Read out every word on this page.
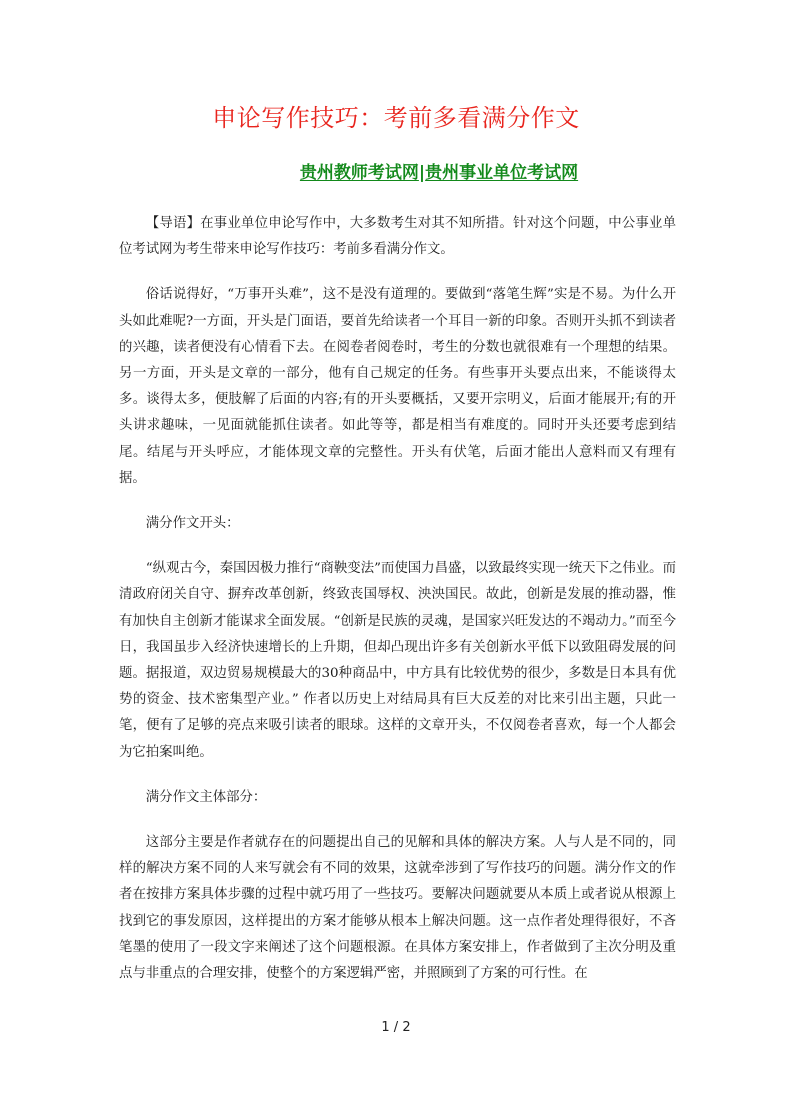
申论写作技巧：考前多看满分作文
贵州教师考试网|贵州事业单位考试网

【导语】在事业单位申论写作中，大多数考生对其不知所措。针对这个问题，中公事业单位考试网为考生带来申论写作技巧：考前多看满分作文。

俗话说得好，“万事开头难”，这不是没有道理的。要做到“落笔生辉”实是不易。为什么开头如此难呢?一方面，开头是门面语，要首先给读者一个耳目一新的印象。否则开头抓不到读者的兴趣，读者便没有心情看下去。在阅卷者阅卷时，考生的分数也就很难有一个理想的结果。另一方面，开头是文章的一部分，他有自己规定的任务。有些事开头要点出来，不能谈得太多。谈得太多，便肢解了后面的内容;有的开头要概括，又要开宗明义，后面才能展开;有的开头讲求趣味，一见面就能抓住读者。如此等等，都是相当有难度的。同时开头还要考虑到结尾。结尾与开头呼应，才能体现文章的完整性。开头有伏笔，后面才能出人意料而又有理有据。

满分作文开头：

“纵观古今，秦国因极力推行“商鞅变法”而使国力昌盛，以致最终实现一统天下之伟业。而清政府闭关自守、摒弃改革创新，终致丧国辱权、泱泱国民。故此，创新是发展的推动器，惟有加快自主创新才能谋求全面发展。“创新是民族的灵魂，是国家兴旺发达的不竭动力。”而至今日，我国虽步入经济快速增长的上升期，但却凸现出许多有关创新水平低下以致阻碍发展的问题。据报道，双边贸易规模最大的30种商品中，中方具有比较优势的很少，多数是日本具有优势的资金、技术密集型产业。” 作者以历史上对结局具有巨大反差的对比来引出主题，只此一笔，便有了足够的亮点来吸引读者的眼球。这样的文章开头，不仅阅卷者喜欢，每一个人都会为它拍案叫绝。

满分作文主体部分：

这部分主要是作者就存在的问题提出自己的见解和具体的解决方案。人与人是不同的，同样的解决方案不同的人来写就会有不同的效果，这就牵涉到了写作技巧的问题。满分作文的作者在按排方案具体步骤的过程中就巧用了一些技巧。要解决问题就要从本质上或者说从根源上找到它的事发原因，这样提出的方案才能够从根本上解决问题。这一点作者处理得很好，不吝笔墨的使用了一段文字来阐述了这个问题根源。在具体方案安排上，作者做到了主次分明及重点与非重点的合理安排，使整个的方案逻辑严密，并照顾到了方案的可行性。在

1 / 2
